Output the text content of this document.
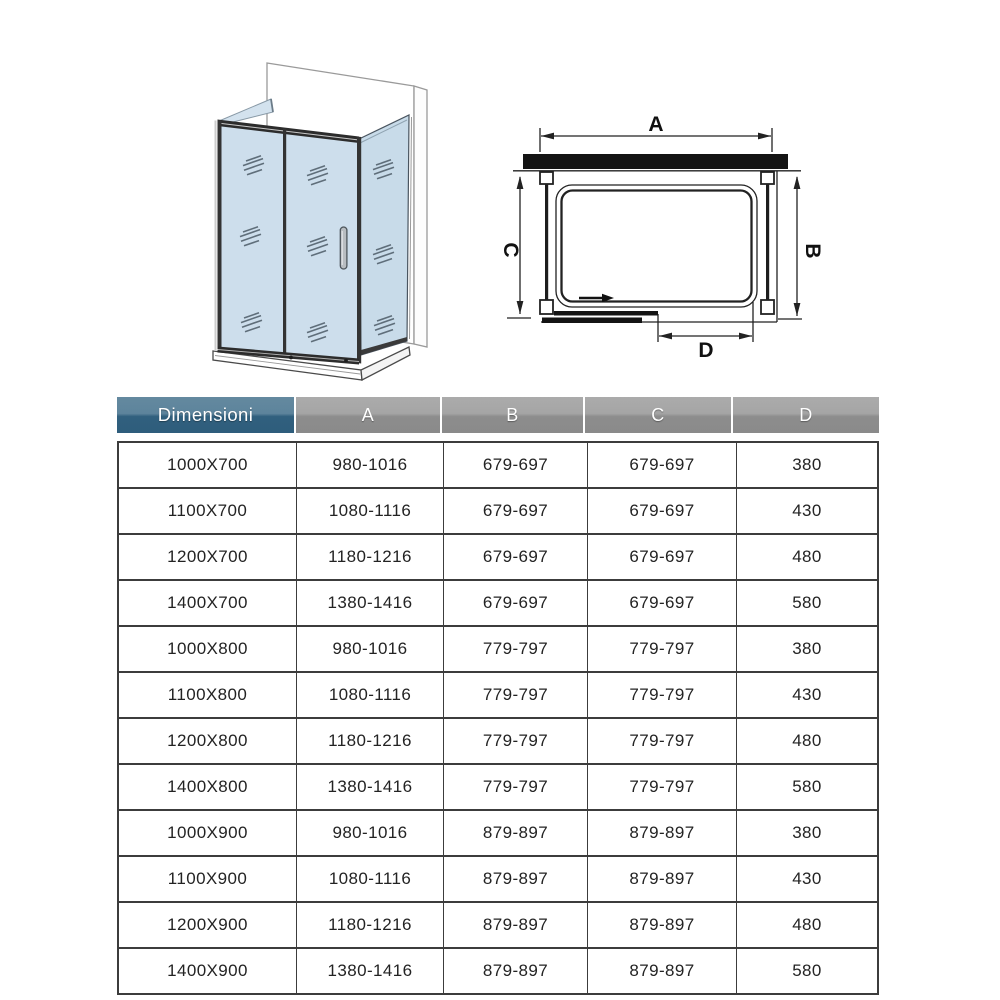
A
C	B
D
Dimensioni	A	B	C	D
1000X700	980-1016	679-697	679-697	380
1100X700	1080-1116	679-697	679-697	430
1200X700	1180-1216	679-697	679-697	480
1400X700	1380-1416	679-697	679-697	580
1000X800	980-1016	779-797	779-797	380
1100X800	1080-1116	779-797	779-797	430
1200X800	1180-1216	779-797	779-797	480
1400X800	1380-1416	779-797	779-797	580
1000X900	980-1016	879-897	879-897	380
1100X900	1080-1116	879-897	879-897	430
1200X900	1180-1216	879-897	879-897	480
1400X900	1380-1416	879-897	879-897	580
